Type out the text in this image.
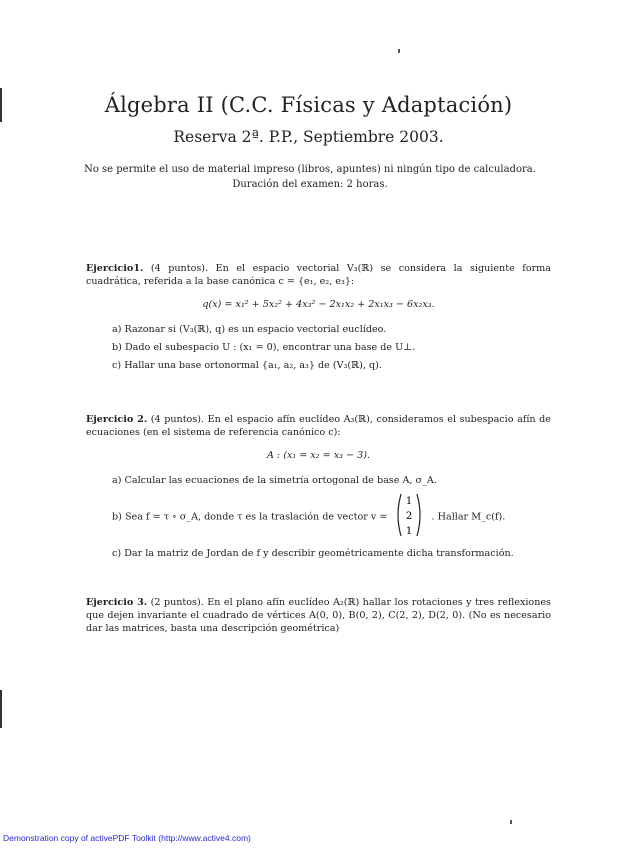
Álgebra II (C.C. Físicas y Adaptación)
Reserva 2ª. P.P., Septiembre 2003.
No se permite el uso de material impreso (libros, apuntes) ni ningún tipo de calculadora.
Duración del examen: 2 horas.
Ejercicio1. (4 puntos). En el espacio vectorial V₃(ℝ) se considera la siguiente forma cuadrática, referida a la base canónica c = {e₁, e₂, e₃}:
q(x) = x₁² + 5x₂² + 4x₃² − 2x₁x₂ + 2x₁x₃ − 6x₂x₃.
a) Razonar si (V₃(ℝ), q) es un espacio vectorial euclídeo.
b) Dado el subespacio U : (x₁ = 0), encontrar una base de U⊥.
c) Hallar una base ortonormal {a₁, a₂, a₃} de (V₃(ℝ), q).
Ejercicio 2. (4 puntos). En el espacio afín euclídeo A₃(ℝ), consideramos el subespacio afín de ecuaciones (en el sistema de referencia canónico c):
A : (x₁ = x₂ = x₃ − 3).
a) Calcular las ecuaciones de la simetría ortogonal de base A, σ_A.
b) Sea f = τ ∘ σ_A, donde τ es la traslación de vector v =
1
2
1
. Hallar M_c(f).
c) Dar la matriz de Jordan de f y describir geométricamente dicha transformación.
Ejercicio 3. (2 puntos). En el plano afín euclídeo A₂(ℝ) hallar los rotaciones y tres reflexiones que dejen invariante el cuadrado de vértices A(0, 0), B(0, 2), C(2, 2), D(2, 0). (No es necesario dar las matrices, basta una descripción geométrica)
Demonstration copy of activePDF Toolkit (http://www.active4.com)
